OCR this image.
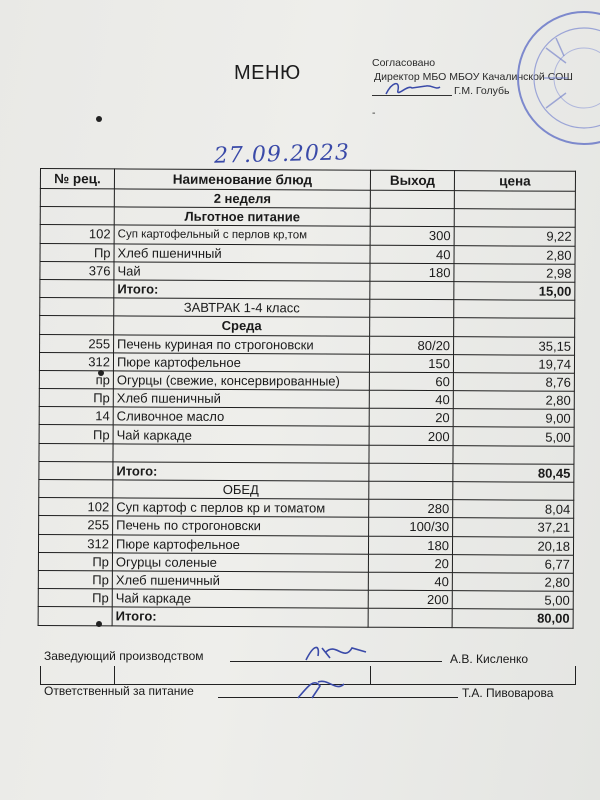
МЕНЮ	Согласовано
Директор МБО МБОУ Качалинской СОШ
Г.М. Голубь
-
27.09.2023
№ рец.	Наименование блюд	Выход	цена
	2 неделя		
	Льготное питание		
102	Суп картофельный с перлов кр,том	300	9,22
Пр	Хлеб пшеничный	40	2,80
376	Чай	180	2,98
	Итого:		15,00
	ЗАВТРАК 1-4 класс		
	Среда		
255	Печень куриная по строгоновски	80/20	35,15
312	Пюре картофельное	150	19,74
пр	Огурцы (свежие, консервированные)	60	8,76
Пр	Хлеб пшеничный	40	2,80
14	Сливочное масло	20	9,00
Пр	Чай каркаде	200	5,00

	Итого:		80,45
	ОБЕД		
102	Суп картоф с перлов кр и томатом	280	8,04
255	Печень по строгоновски	100/30	37,21
312	Пюре картофельное	180	20,18
Пр	Огурцы соленые	20	6,77
Пр	Хлеб пшеничный	40	2,80
Пр	Чай каркаде	200	5,00
	Итого:		80,00
Заведующий производством	А.В. Кисленко
Ответственный за питание	Т.А. Пивоварова
